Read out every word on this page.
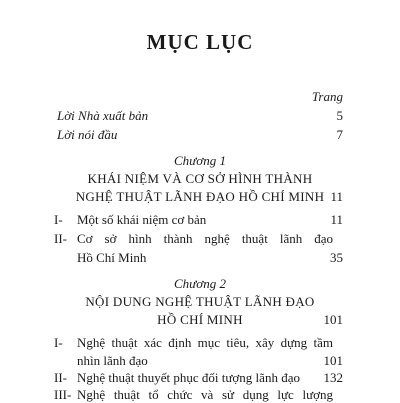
MỤC LỤC
Trang
Lời Nhà xuất bản	5
Lời nói đầu	7
Chương 1
KHÁI NIỆM VÀ CƠ SỞ HÌNH THÀNH
NGHỆ THUẬT LÃNH ĐẠO HỒ CHÍ MINH 11
I- Một số khái niệm cơ bản	11
II- Cơ sở hình thành nghệ thuật lãnh đạo
Hồ Chí Minh	35
Chương 2
NỘI DUNG NGHỆ THUẬT LÃNH ĐẠO
HỒ CHÍ MINH	101
I- Nghệ thuật xác định mục tiêu, xây dựng tầm
nhìn lãnh đạo	101
II- Nghệ thuật thuyết phục đối tượng lãnh đạo 132
III- Nghệ thuật tổ chức và sử dụng lực lượng
